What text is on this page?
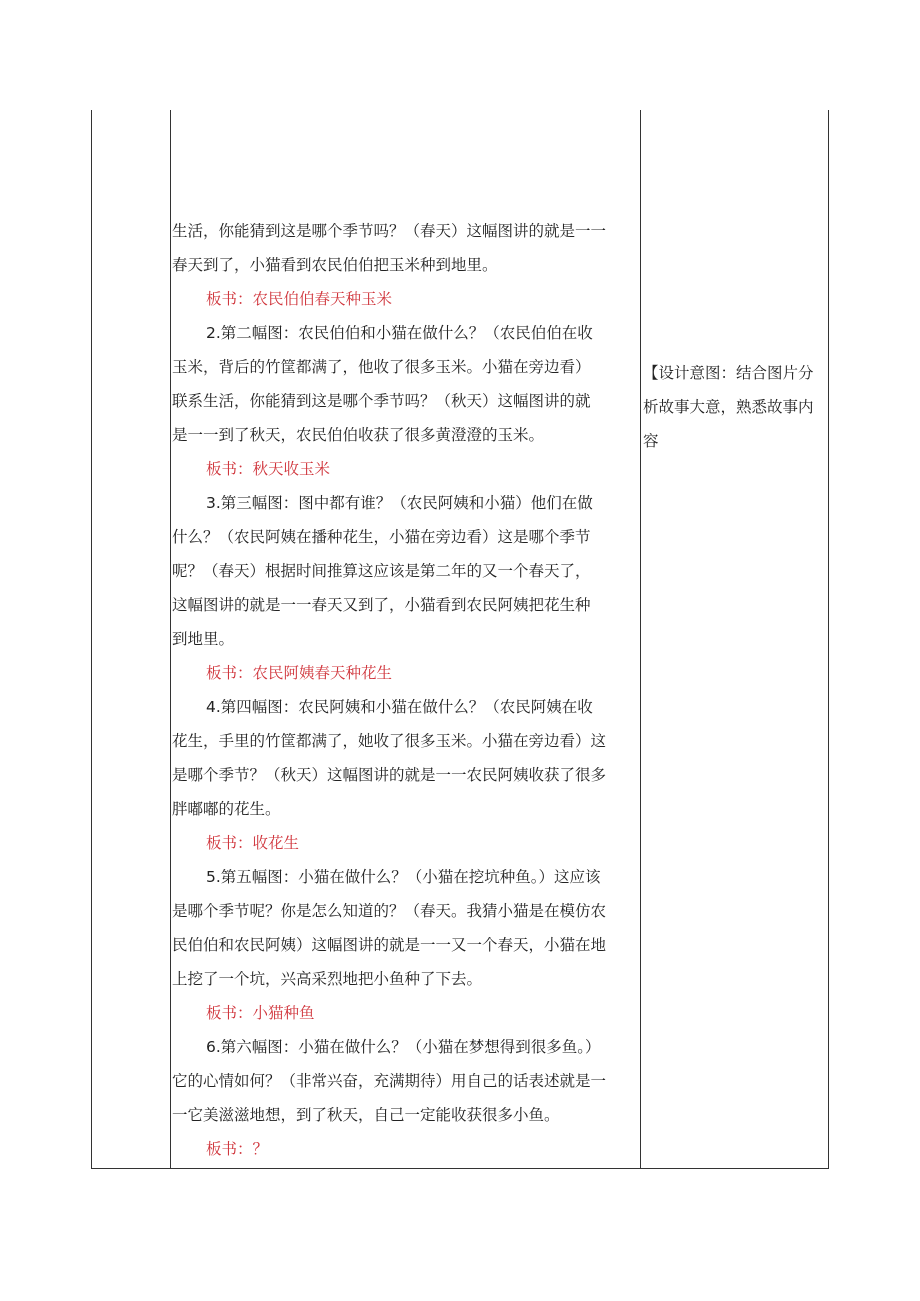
生活，你能猜到这是哪个季节吗？（春天）这幅图讲的就是一一
春天到了，小猫看到农民伯伯把玉米种到地里。
板书：农民伯伯春天种玉米
2.第二幅图：农民伯伯和小猫在做什么？（农民伯伯在收
玉米，背后的竹筐都满了，他收了很多玉米。小猫在旁边看）
联系生活，你能猜到这是哪个季节吗？（秋天）这幅图讲的就
是一一到了秋天，农民伯伯收获了很多黄澄澄的玉米。
板书：秋天收玉米
3.第三幅图：图中都有谁？（农民阿姨和小猫）他们在做
什么？（农民阿姨在播种花生，小猫在旁边看）这是哪个季节
呢？（春天）根据时间推算这应该是第二年的又一个春天了，
这幅图讲的就是一一春天又到了，小猫看到农民阿姨把花生种
到地里。
板书：农民阿姨春天种花生
4.第四幅图：农民阿姨和小猫在做什么？（农民阿姨在收
花生，手里的竹筐都满了，她收了很多玉米。小猫在旁边看）这
是哪个季节？（秋天）这幅图讲的就是一一农民阿姨收获了很多
胖嘟嘟的花生。
板书：收花生
5.第五幅图：小猫在做什么？（小猫在挖坑种鱼。）这应该
是哪个季节呢？你是怎么知道的？（春天。我猜小猫是在模仿农
民伯伯和农民阿姨）这幅图讲的就是一一又一个春天，小猫在地
上挖了一个坑，兴高采烈地把小鱼种了下去。
板书：小猫种鱼
6.第六幅图：小猫在做什么？（小猫在梦想得到很多鱼。）
它的心情如何？（非常兴奋，充满期待）用自己的话表述就是一
一它美滋滋地想，到了秋天，自己一定能收获很多小鱼。
板书：？
【设计意图：结合图片分
析故事大意，熟悉故事内
容
